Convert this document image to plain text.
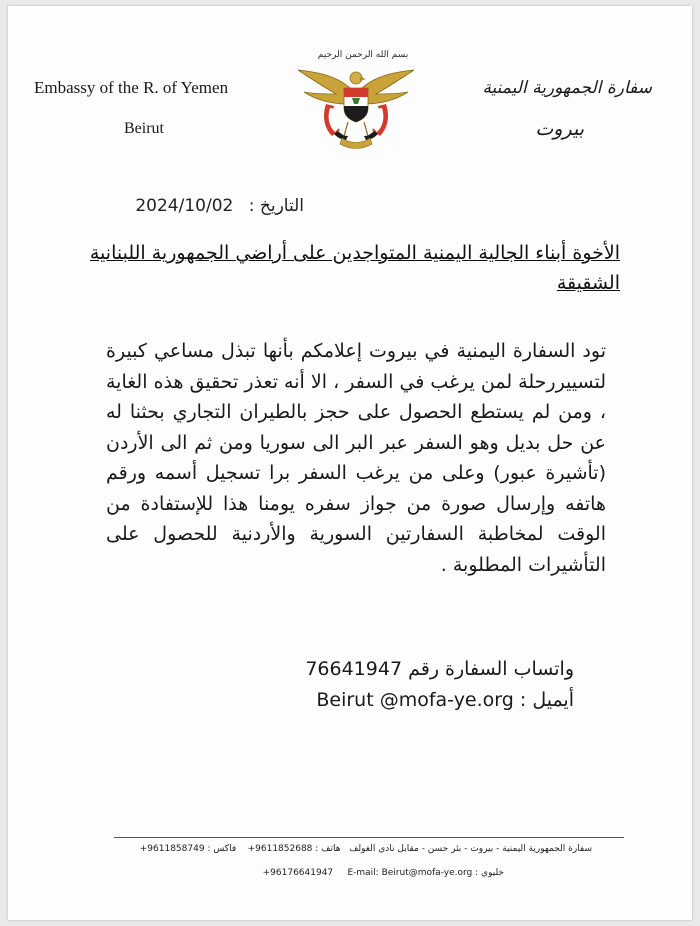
Embassy of the R. of Yemen
Beirut
بسم الله الرحمن الرحيم
سفارة الجمهورية اليمنية
بيروت
التاريخ : 2024/10/02
الأخوة أبناء الجالية اليمنية المتواجدين على أراضي الجمهورية اللبنانية الشقيقة
تود السفارة اليمنية في بيروت إعلامكم بأنها تبذل مساعي كبيرة لتسييررحلة لمن يرغب في السفر ، الا أنه تعذر تحقيق هذه الغاية ، ومن لم يستطع الحصول على حجز بالطيران التجاري بحثنا له عن حل بديل وهو السفر عبر البر الى سوريا ومن ثم الى الأردن (تأشيرة عبور) وعلى من يرغب السفر برا تسجيل أسمه ورقم هاتفه وإرسال صورة من جواز سفره يومنا هذا للإستفادة من الوقت لمخاطبة السفارتين السورية والأردنية للحصول على التأشيرات المطلوبة .
واتساب السفارة رقم 76641947
أيميل : Beirut @mofa-ye.org
سفارة الجمهورية اليمنية - بيروت - بئر حسن - مقابل نادي الغولف   هاتف : +9611852688    فاكس : +9611858749
خليوي : +96176641947 E-mail: Beirut@mofa-ye.org
